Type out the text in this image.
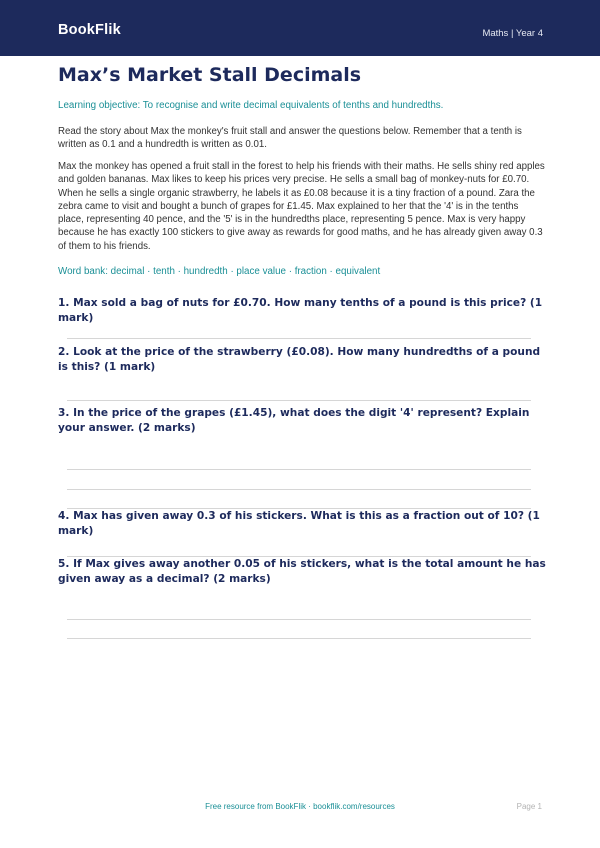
BookFlik	Maths | Year 4
Max’s Market Stall Decimals
Learning objective: To recognise and write decimal equivalents of tenths and hundredths.

Read the story about Max the monkey's fruit stall and answer the questions below. Remember that a tenth is written as 0.1 and a hundredth is written as 0.01.

Max the monkey has opened a fruit stall in the forest to help his friends with their maths. He sells shiny red apples and golden bananas. Max likes to keep his prices very precise. He sells a small bag of monkey-nuts for £0.70. When he sells a single organic strawberry, he labels it as £0.08 because it is a tiny fraction of a pound. Zara the zebra came to visit and bought a bunch of grapes for £1.45. Max explained to her that the '4' is in the tenths place, representing 40 pence, and the '5' is in the hundredths place, representing 5 pence. Max is very happy because he has exactly 100 stickers to give away as rewards for good maths, and he has already given away 0.3 of them to his friends.

Word bank: decimal · tenth · hundredth · place value · fraction · equivalent

1. Max sold a bag of nuts for £0.70. How many tenths of a pound is this price? (1 mark)

2. Look at the price of the strawberry (£0.08). How many hundredths of a pound is this? (1 mark)

3. In the price of the grapes (£1.45), what does the digit '4' represent? Explain your answer. (2 marks)

4. Max has given away 0.3 of his stickers. What is this as a fraction out of 10? (1 mark)

5. If Max gives away another 0.05 of his stickers, what is the total amount he has given away as a decimal? (2 marks)

Free resource from BookFlik · bookflik.com/resources	Page 1
